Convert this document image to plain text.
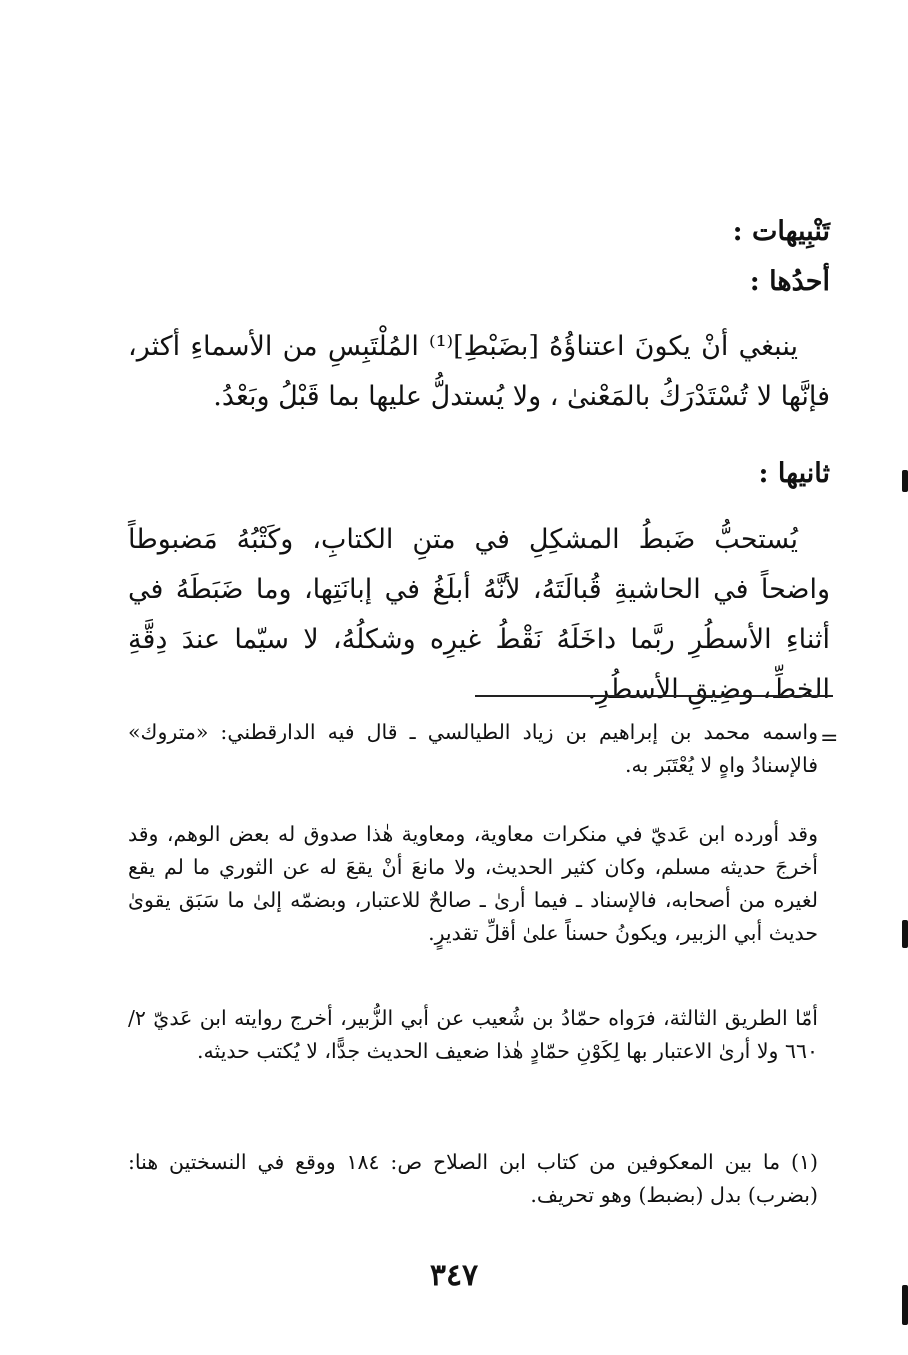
تَنْبِيهات :
أحدُها :

ينبغي أنْ يكونَ اعتناؤُهُ [بضَبْطِ]⁽¹⁾ المُلْتَبِسِ من الأسماءِ أكثر، فإنَّها لا تُسْتَدْرَكُ بالمَعْنىٰ ، ولا يُستدلُّ عليها بما قَبْلُ وبَعْدُ.

ثانيها :

يُستحبُّ ضَبطُ المشكِلِ في متنِ الكتابِ، وكَتْبُهُ مَضبوطاً واضحاً في الحاشيةِ قُبالَتَهُ، لأنَّهُ أبلَغُ في إبانَتِها، وما ضَبَطَهُ في أثناءِ الأسطُرِ ربَّما داخَلَهُ نَقْطُ غيرِه وشكلُهُ، لا سيّما عندَ دِقَّةِ الخطِّ، وضِيقِ الأسطُرِ.

=

واسمه محمد بن إبراهيم بن زياد الطيالسي ـ قال فيه الدارقطني: «متروك» فالإسنادُ واهٍ لا يُعْتَبَر به.

وقد أورده ابن عَديّ في منكرات معاوية، ومعاوية هٰذا صدوق له بعض الوهم، وقد أخرجَ حديثه مسلم، وكان كثير الحديث، ولا مانعَ أنْ يقعَ له عن الثوري ما لم يقع لغيره من أصحابه، فالإسناد ـ فيما أرىٰ ـ صالحٌ للاعتبار، وبضمّه إلىٰ ما سَبَق يقوىٰ حديث أبي الزبير، ويكونُ حسناً علىٰ أقلِّ تقديرٍ.

أمّا الطريق الثالثة، فرَواه حمّادُ بن شُعيب عن أبي الزُّبير، أخرج روايته ابن عَديّ ٢/ ٦٦٠ ولا أرىٰ الاعتبار بها لِكَوْنِ حمّادٍ هٰذا ضعيف الحديث جدًّا، لا يُكتب حديثه.

(١) ما بين المعكوفين من كتاب ابن الصلاح ص: ١٨٤ ووقع في النسختين هنا: (بضرب) بدل (بضبط) وهو تحريف.

٣٤٧
